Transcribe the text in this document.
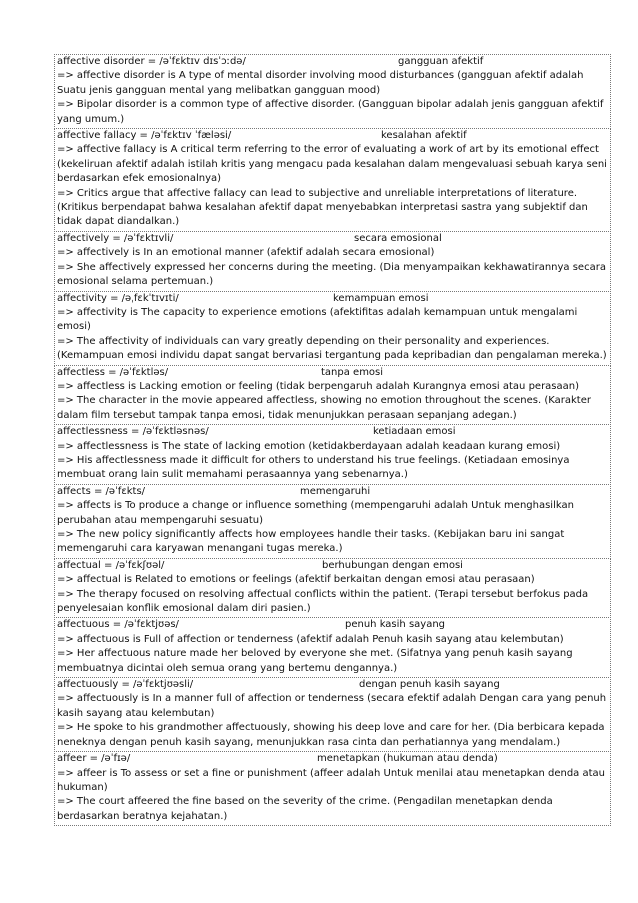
affective disorder = /əˈfɛktɪv dɪsˈɔːdə/	gangguan afektif
=> affective disorder is A type of mental disorder involving mood disturbances (gangguan afektif adalah Suatu jenis gangguan mental yang melibatkan gangguan mood)
=> Bipolar disorder is a common type of affective disorder. (Gangguan bipolar adalah jenis gangguan afektif yang umum.)
affective fallacy = /əˈfɛktɪv ˈfæləsi/	kesalahan afektif
=> affective fallacy is A critical term referring to the error of evaluating a work of art by its emotional effect (kekeliruan afektif adalah istilah kritis yang mengacu pada kesalahan dalam mengevaluasi sebuah karya seni berdasarkan efek emosionalnya)
=> Critics argue that affective fallacy can lead to subjective and unreliable interpretations of literature. (Kritikus berpendapat bahwa kesalahan afektif dapat menyebabkan interpretasi sastra yang subjektif dan tidak dapat diandalkan.)
affectively = /əˈfɛktɪvli/	secara emosional
=> affectively is In an emotional manner (afektif adalah secara emosional)
=> She affectively expressed her concerns during the meeting. (Dia menyampaikan kekhawatirannya secara emosional selama pertemuan.)
affectivity = /əˌfɛkˈtɪvɪti/	kemampuan emosi
=> affectivity is The capacity to experience emotions (afektifitas adalah kemampuan untuk mengalami emosi)
=> The affectivity of individuals can vary greatly depending on their personality and experiences. (Kemampuan emosi individu dapat sangat bervariasi tergantung pada kepribadian dan pengalaman mereka.)
affectless = /əˈfɛktləs/	tanpa emosi
=> affectless is Lacking emotion or feeling (tidak berpengaruh adalah Kurangnya emosi atau perasaan)
=> The character in the movie appeared affectless, showing no emotion throughout the scenes. (Karakter dalam film tersebut tampak tanpa emosi, tidak menunjukkan perasaan sepanjang adegan.)
affectlessness = /əˈfɛktləsnəs/	ketiadaan emosi
=> affectlessness is The state of lacking emotion (ketidakberdayaan adalah keadaan kurang emosi)
=> His affectlessness made it difficult for others to understand his true feelings. (Ketiadaan emosinya membuat orang lain sulit memahami perasaannya yang sebenarnya.)
affects = /əˈfɛkts/	memengaruhi
=> affects is To produce a change or influence something (mempengaruhi adalah Untuk menghasilkan perubahan atau mempengaruhi sesuatu)
=> The new policy significantly affects how employees handle their tasks. (Kebijakan baru ini sangat memengaruhi cara karyawan menangani tugas mereka.)
affectual = /əˈfɛkʃʊəl/	berhubungan dengan emosi
=> affectual is Related to emotions or feelings (afektif berkaitan dengan emosi atau perasaan)
=> The therapy focused on resolving affectual conflicts within the patient. (Terapi tersebut berfokus pada penyelesaian konflik emosional dalam diri pasien.)
affectuous = /əˈfɛktjʊəs/	penuh kasih sayang
=> affectuous is Full of affection or tenderness (afektif adalah Penuh kasih sayang atau kelembutan)
=> Her affectuous nature made her beloved by everyone she met. (Sifatnya yang penuh kasih sayang membuatnya dicintai oleh semua orang yang bertemu dengannya.)
affectuously = /əˈfɛktjʊəsli/	dengan penuh kasih sayang
=> affectuously is In a manner full of affection or tenderness (secara efektif adalah Dengan cara yang penuh kasih sayang atau kelembutan)
=> He spoke to his grandmother affectuously, showing his deep love and care for her. (Dia berbicara kepada neneknya dengan penuh kasih sayang, menunjukkan rasa cinta dan perhatiannya yang mendalam.)
affeer = /əˈfɪə/	menetapkan (hukuman atau denda)
=> affeer is To assess or set a fine or punishment (affeer adalah Untuk menilai atau menetapkan denda atau hukuman)
=> The court affeered the fine based on the severity of the crime. (Pengadilan menetapkan denda berdasarkan beratnya kejahatan.)
